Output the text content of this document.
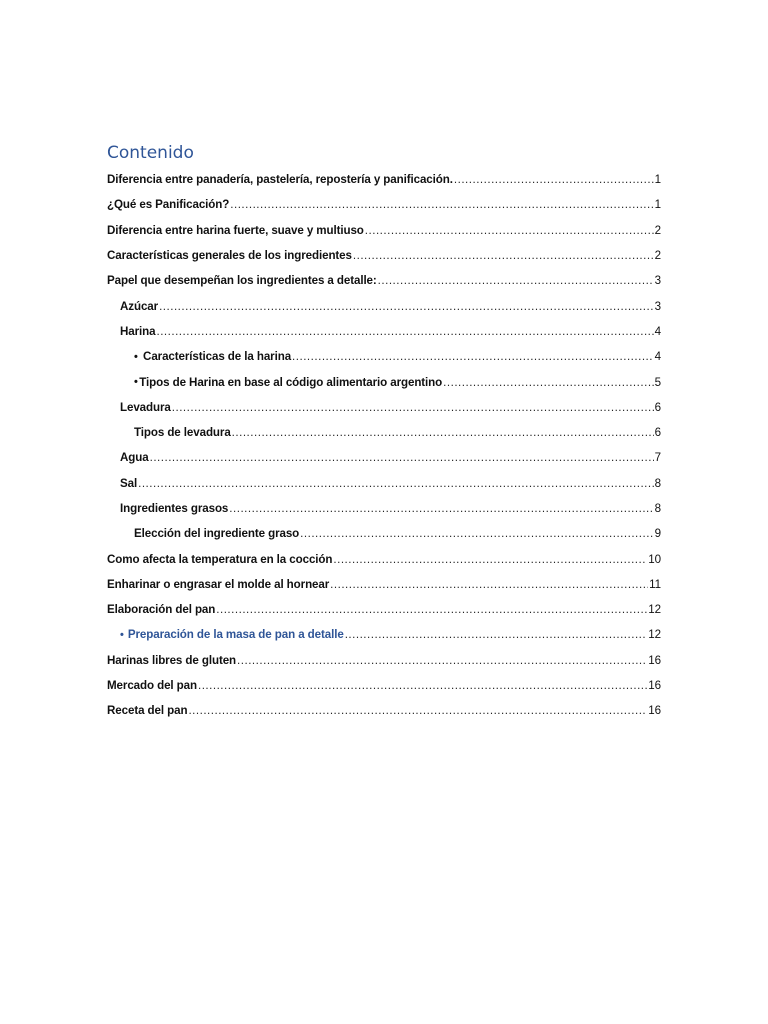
Contenido
Diferencia entre panadería, pastelería, repostería y panificación. .....	1
¿Qué es Panificación? .....	1
Diferencia entre harina fuerte, suave y multiuso .....	2
Características generales de los ingredientes .....	2
Papel que desempeñan los ingredientes a detalle: .....	3
Azúcar .....	3
Harina .....	4
• Características de la harina .....	4
• Tipos de Harina en base al código alimentario argentino .....	5
Levadura .....	6
Tipos de levadura .....	6
Agua .....	7
Sal .....	8
Ingredientes grasos .....	8
Elección del ingrediente graso .....	9
Como afecta la temperatura en la cocción .....	10
Enharinar o engrasar el molde al hornear .....	11
Elaboración del pan .....	12
• Preparación de la masa de pan a detalle .....	12
Harinas libres de gluten .....	16
Mercado del pan .....	16
Receta del pan .....	16
